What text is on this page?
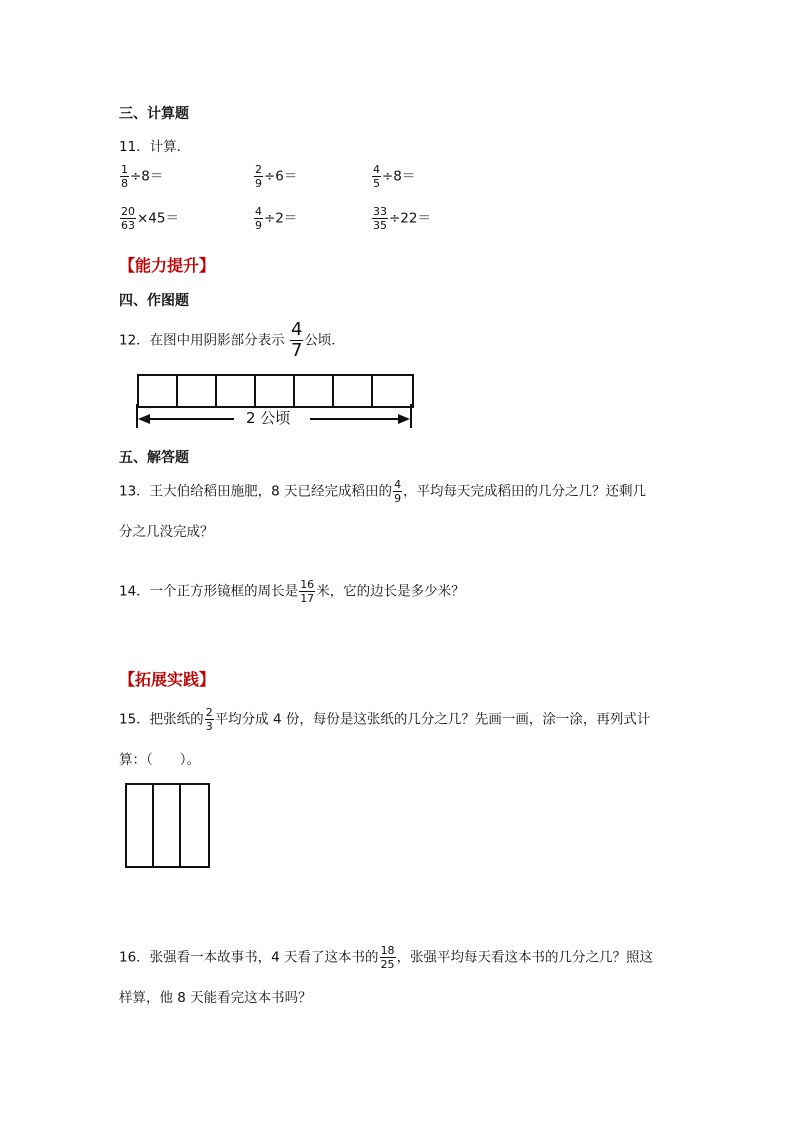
三、计算题
11．计算．
$\frac{1}{8} \div 8=$	$\frac{2}{9} \div 6=$	$\frac{4}{5} \div 8=$
$\frac{20}{63} \times 45=$	$\frac{4}{9} \div 2=$	$\frac{33}{35} \div 22=$
【能力提升】
四、作图题
12．在图中用阴影部分表示 $\frac{4}{7}$ 公顷．
2 公顷
五、解答题
13．王大伯给稻田施肥，8 天已经完成稻田的 $\frac{4}{9}$ ，平均每天完成稻田的几分之几？还剩几
分之几没完成？
14．一个正方形镜框的周长是 $\frac{16}{17}$ 米，它的边长是多少米？
【拓展实践】
15．把张纸的 $\frac{2}{3}$ 平均分成 4 份，每份是这张纸的几分之几？先画一画，涂一涂，再列式计
算：（　　）。
16．张强看一本故事书，4 天看了这本书的 $\frac{18}{25}$ ，张强平均每天看这本书的几分之几？照这
样算，他 8 天能看完这本书吗？
